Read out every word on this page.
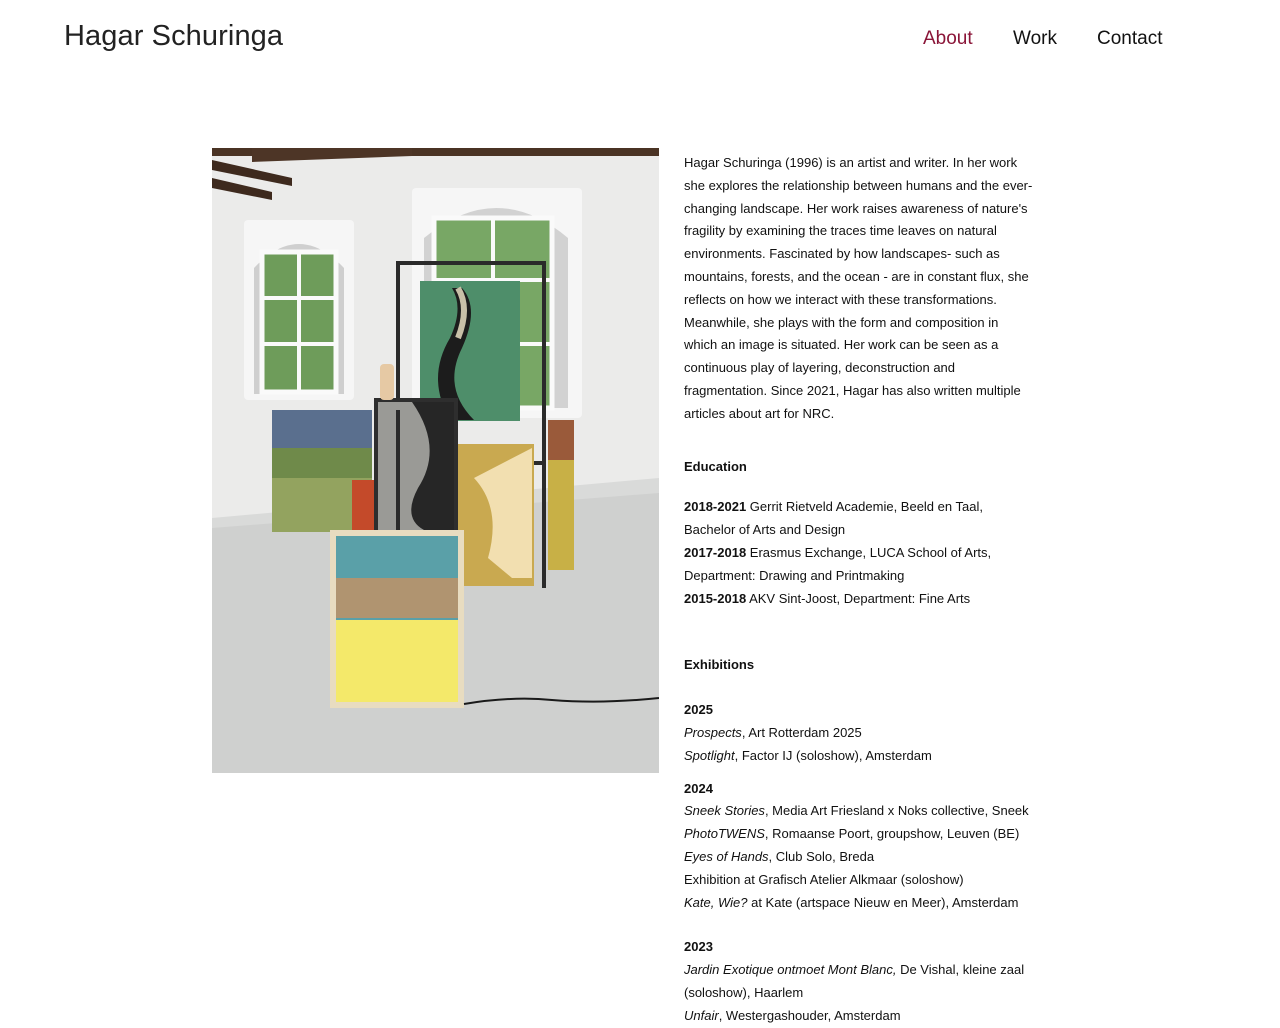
Hagar Schuringa	About Work Contact

Hagar Schuringa (1996) is an artist and writer. In her work she explores the relationship between humans and the ever-changing landscape. Her work raises awareness of nature's fragility by examining the traces time leaves on natural environments. Fascinated by how landscapes- such as mountains, forests, and the ocean - are in constant flux, she reflects on how we interact with these transformations. Meanwhile, she plays with the form and composition in which an image is situated. Her work can be seen as a continuous play of layering, deconstruction and fragmentation. Since 2021, Hagar has also written multiple articles about art for NRC.

Education

2018-2021 Gerrit Rietveld Academie, Beeld en Taal, Bachelor of Arts and Design

2017-2018 Erasmus Exchange, LUCA School of Arts, Department: Drawing and Printmaking

2015-2018 AKV Sint-Joost, Department: Fine Arts

Exhibitions

2025

Prospects, Art Rotterdam 2025

Spotlight, Factor IJ (soloshow), Amsterdam

2024

Sneek Stories, Media Art Friesland x Noks collective, Sneek

PhotoTWENS, Romaanse Poort, groupshow, Leuven (BE)

Eyes of Hands, Club Solo, Breda

Exhibition at Grafisch Atelier Alkmaar (soloshow)

Kate, Wie? at Kate (artspace Nieuw en Meer), Amsterdam

2023

Jardin Exotique ontmoet Mont Blanc, De Vishal, kleine zaal (soloshow), Haarlem

Unfair, Westergashouder, Amsterdam
